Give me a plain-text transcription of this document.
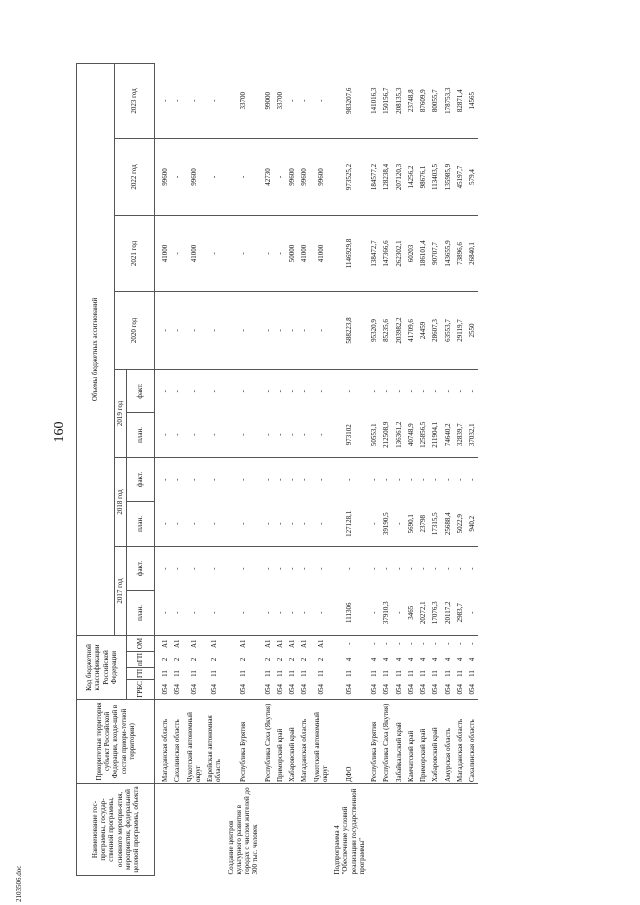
160
2103506.doc
Наименование гос-программы, государ-ственной программы, основного меропри-ятия, мероприятия, федеральной целевой программы, объекта	Приоритетная территория субъект Российской Федерации, входя-щий в состав приори-тетной территории)	Код бюджетной классификации Российской Федерации				Объемы бюджетных ассигнований									
						2017 год		2018 год		2019 год		2020 год	2021 год	2022 год	2023 год
		ГРБС	ГП	пГП	ОМ	план.	факт.	план.	факт.	план.	факт.				
	Магаданская область	054	11	2	А1	-	-	-	-	-	-	-	41000	99600	-
	Сахалинская область	054	11	2	А1	-	-	-	-	-	-	-	-	-	-
	Чукотский автономный округ	054	11	2	А1	-	-	-	-	-	-	-	41000	99600	-
	Еврейская автономная область	054	11	2	А1	-	-	-	-	-	-	-	-	-	-
Создание центров культурного развития в городах с числом жителей до 300 тыс. человек	Республика Бурятия	054	11	2	А1	-	-	-	-	-	-	-	-	-	33700
	Республика Саха (Якутия)	054	11	2	А1	-	-	-	-	-	-	-	-	42730	99000
	Приморский край	054	11	2	А1	-	-	-	-	-	-	-	-	-	33700
	Хабаровский край	054	11	2	А1	-	-	-	-	-	-	-	50000	99600	-
	Магаданская область	054	11	2	А1	-	-	-	-	-	-	-	41000	99600	-
	Чукотский автономный округ	054	11	2	А1	-	-	-	-	-	-	-	41000	99600	-
Подпрограмма 4 "Обеспечение условий реализации государственной программы"	ДФО	054	11	4	-	111306	-	127128,1	-	973102	-	588223,8	1146929,8	973525,2	983207,6
	Республика Бурятия	054	11	4	-	-	-	-	-	50553,1	-	95320,9	138472,7	184577,2	141016,3
	Республика Саха (Якутия)	054	11	4	-	37910,3	-	39190,5	-	212508,9	-	85235,6	147366,6	128238,4	150156,7
	Забайкальский край	054	11	4	-	-	-	-	-	136361,2	-	203982,2	262302,1	207120,3	208135,3
	Камчатский край	054	11	4	-	3465	-	5690,1	-	40748,9	-	41709,6	60203	14256,2	23748,8
	Приморский край	054	11	4	-	20272,1	-	23798	-	125856,5	-	24459	186101,4	98676,1	87609,9
	Хабаровский край	054	11	4	-	17076,3	-	17315,5	-	211904,1	-	28607,3	90707,7	113403,5	80055,7
	Амурская область	054	11	4	-	20117,2	-	25688,4	-	74640,2	-	63553,7	143655,9	135985,9	178753,3
	Магаданская область	054	11	4	-	2983,7	-	5022,9	-	32839,7	-	29119,7	73896,6	45197,7	82871,4
	Сахалинская область	054	11	4	-	-	-	940,2	-	37032,1	-	2550	26840,1	579,4	14565
